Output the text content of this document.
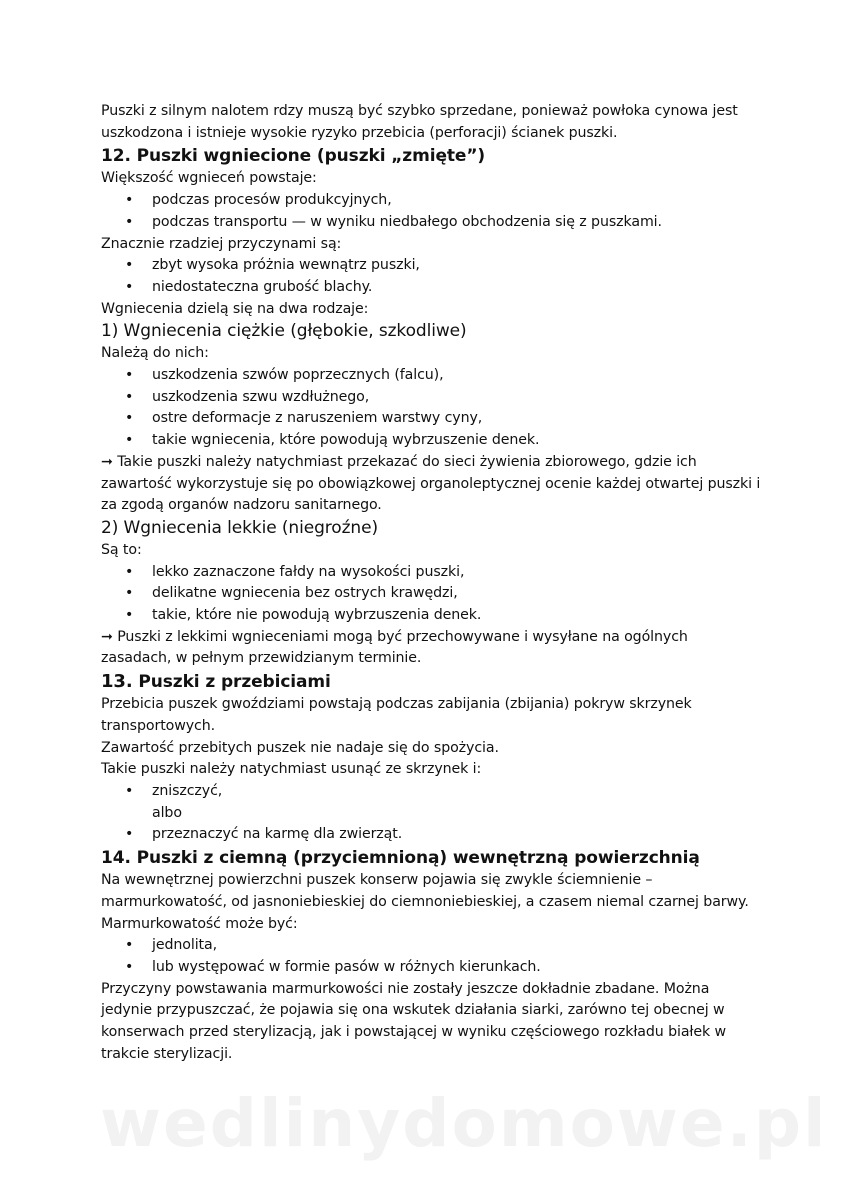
Puszki z silnym nalotem rdzy muszą być szybko sprzedane, ponieważ powłoka cynowa jest uszkodzona i istnieje wysokie ryzyko przebicia (perforacji) ścianek puszki.

12. Puszki wgniecione (puszki „zmięte”)

Większość wgnieceń powstaje:

• podczas procesów produkcyjnych,
• podczas transportu — w wyniku niedbałego obchodzenia się z puszkami.

Znacznie rzadziej przyczynami są:

• zbyt wysoka próżnia wewnątrz puszki,
• niedostateczna grubość blachy.

Wgniecenia dzielą się na dwa rodzaje:

1) Wgniecenia ciężkie (głębokie, szkodliwe)

Należą do nich:

• uszkodzenia szwów poprzecznych (falcu),
• uszkodzenia szwu wzdłużnego,
• ostre deformacje z naruszeniem warstwy cyny,
• takie wgniecenia, które powodują wybrzuszenie denek.

➞ Takie puszki należy natychmiast przekazać do sieci żywienia zbiorowego, gdzie ich zawartość wykorzystuje się po obowiązkowej organoleptycznej ocenie każdej otwartej puszki i za zgodą organów nadzoru sanitarnego.

2) Wgniecenia lekkie (niegroźne)

Są to:

• lekko zaznaczone fałdy na wysokości puszki,
• delikatne wgniecenia bez ostrych krawędzi,
• takie, które nie powodują wybrzuszenia denek.

➞ Puszki z lekkimi wgnieceniami mogą być przechowywane i wysyłane na ogólnych zasadach, w pełnym przewidzianym terminie.

13. Puszki z przebiciami

Przebicia puszek gwoździami powstają podczas zabijania (zbijania) pokryw skrzynek transportowych.

Zawartość przebitych puszek nie nadaje się do spożycia.

Takie puszki należy natychmiast usunąć ze skrzynek i:

• zniszczyć,
albo
• przeznaczyć na karmę dla zwierząt.
14. Puszki z ciemną (przyciemnioną) wewnętrzną powierzchnią

Na wewnętrznej powierzchni puszek konserw pojawia się zwykle ściemnienie – marmurkowatość, od jasnoniebieskiej do ciemnoniebieskiej, a czasem niemal czarnej barwy.

Marmurkowatość może być:

• jednolita,
• lub występować w formie pasów w różnych kierunkach.

Przyczyny powstawania marmurkowości nie zostały jeszcze dokładnie zbadane. Można jedynie przypuszczać, że pojawia się ona wskutek działania siarki, zarówno tej obecnej w konserwach przed sterylizacją, jak i powstającej w wyniku częściowego rozkładu białek w trakcie sterylizacji.

wedlinydomowe.pl
